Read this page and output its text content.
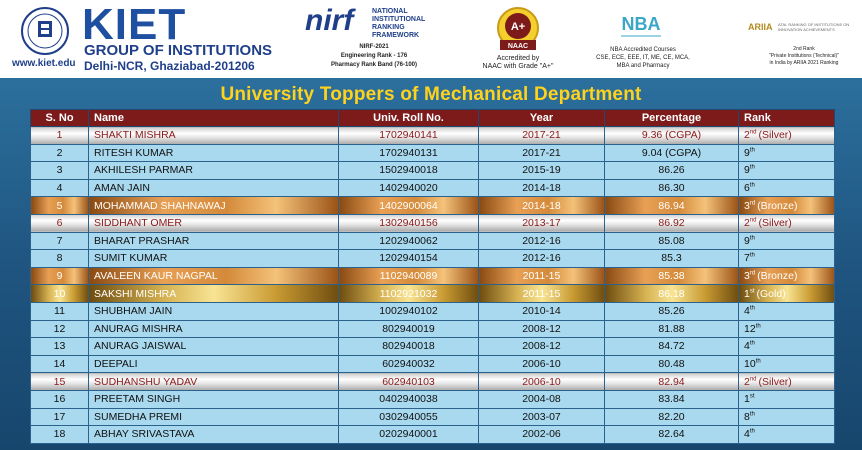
www.kiet.edu
KIET
GROUP OF INSTITUTIONS
Delhi-NCR, Ghaziabad-201206
nirf	NATIONAL INSTITUTIONAL RANKING FRAMEWORK
NIRF-2021
Engineering Rank - 176
Pharmacy Rank Band (76-100)
A+
NAAC
Accredited by
NAAC with Grade "A+"
NBA
NBA Accredited Courses
CSE, ECE, EEE, IT, ME, CE, MCA,
MBA and Pharmacy
ARIIA ATAL RANKING OF INSTITUTIONS ON INNOVATION ACHIEVEMENTS
2nd Rank
"Private Institutions (Technical)"
in India by ARIIA 2021 Ranking
University Toppers of Mechanical Department
S. No	Name	Univ. Roll No.	Year	Percentage	Rank
1	SHAKTI MISHRA	1702940141	2017-21	9.36 (CGPA)	2nd (Silver)
2	RITESH KUMAR	1702940131	2017-21	9.04 (CGPA)	9th
3	AKHILESH PARMAR	1502940018	2015-19	86.26	9th
4	AMAN JAIN	1402940020	2014-18	86.30	6th
5	MOHAMMAD SHAHNAWAJ	1402900064	2014-18	86.94	3rd (Bronze)
6	SIDDHANT OMER	1302940156	2013-17	86.92	2nd (Silver)
7	BHARAT PRASHAR	1202940062	2012-16	85.08	9th
8	SUMIT KUMAR	1202940154	2012-16	85.3	7th
9	AVALEEN KAUR NAGPAL	1102940089	2011-15	85.38	3rd (Bronze)
10	SAKSHI MISHRA	1102921032	2011-15	86.18	1st (Gold)
11	SHUBHAM JAIN	1002940102	2010-14	85.26	4th
12	ANURAG MISHRA	802940019	2008-12	81.88	12th
13	ANURAG JAISWAL	802940018	2008-12	84.72	4th
14	DEEPALI	602940032	2006-10	80.48	10th
15	SUDHANSHU YADAV	602940103	2006-10	82.94	2nd (Silver)
16	PREETAM SINGH	0402940038	2004-08	83.84	1st
17	SUMEDHA PREMI	0302940055	2003-07	82.20	8th
18	ABHAY SRIVASTAVA	0202940001	2002-06	82.64	4th
